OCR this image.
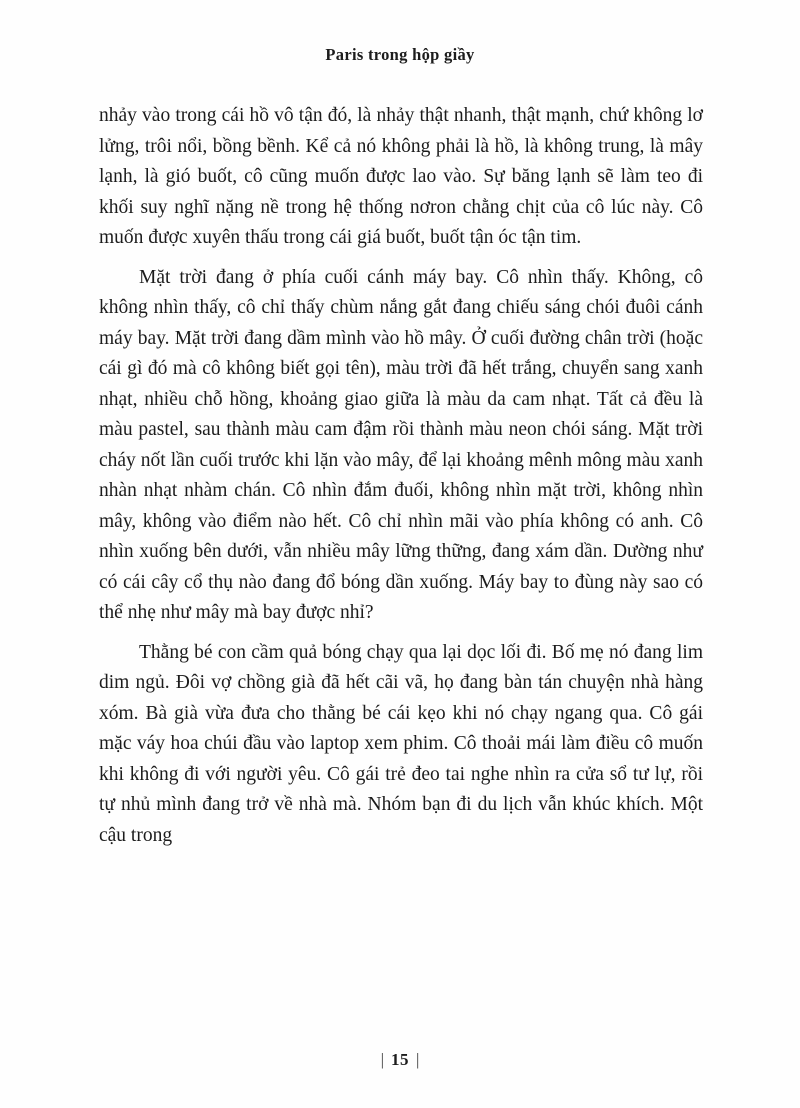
Paris trong hộp giầy

nhảy vào trong cái hồ vô tận đó, là nhảy thật nhanh, thật mạnh, chứ không lơ lửng, trôi nổi, bồng bềnh. Kể cả nó không phải là hồ, là không trung, là mây lạnh, là gió buốt, cô cũng muốn được lao vào. Sự băng lạnh sẽ làm teo đi khối suy nghĩ nặng nề trong hệ thống nơron chằng chịt của cô lúc này. Cô muốn được xuyên thấu trong cái giá buốt, buốt tận óc tận tim.

Mặt trời đang ở phía cuối cánh máy bay. Cô nhìn thấy. Không, cô không nhìn thấy, cô chỉ thấy chùm nắng gắt đang chiếu sáng chói đuôi cánh máy bay. Mặt trời đang dầm mình vào hồ mây. Ở cuối đường chân trời (hoặc cái gì đó mà cô không biết gọi tên), màu trời đã hết trắng, chuyển sang xanh nhạt, nhiều chỗ hồng, khoảng giao giữa là màu da cam nhạt. Tất cả đều là màu pastel, sau thành màu cam đậm rồi thành màu neon chói sáng. Mặt trời cháy nốt lần cuối trước khi lặn vào mây, để lại khoảng mênh mông màu xanh nhàn nhạt nhàm chán. Cô nhìn đắm đuối, không nhìn mặt trời, không nhìn mây, không vào điểm nào hết. Cô chỉ nhìn mãi vào phía không có anh. Cô nhìn xuống bên dưới, vẫn nhiều mây lững thững, đang xám dần. Dường như có cái cây cổ thụ nào đang đổ bóng dần xuống. Máy bay to đùng này sao có thể nhẹ như mây mà bay được nhỉ?

Thằng bé con cầm quả bóng chạy qua lại dọc lối đi. Bố mẹ nó đang lim dim ngủ. Đôi vợ chồng già đã hết cãi vã, họ đang bàn tán chuyện nhà hàng xóm. Bà già vừa đưa cho thằng bé cái kẹo khi nó chạy ngang qua. Cô gái mặc váy hoa chúi đầu vào laptop xem phim. Cô thoải mái làm điều cô muốn khi không đi với người yêu. Cô gái trẻ đeo tai nghe nhìn ra cửa sổ tư lự, rồi tự nhủ mình đang trở về nhà mà. Nhóm bạn đi du lịch vẫn khúc khích. Một cậu trong

| 15 |
